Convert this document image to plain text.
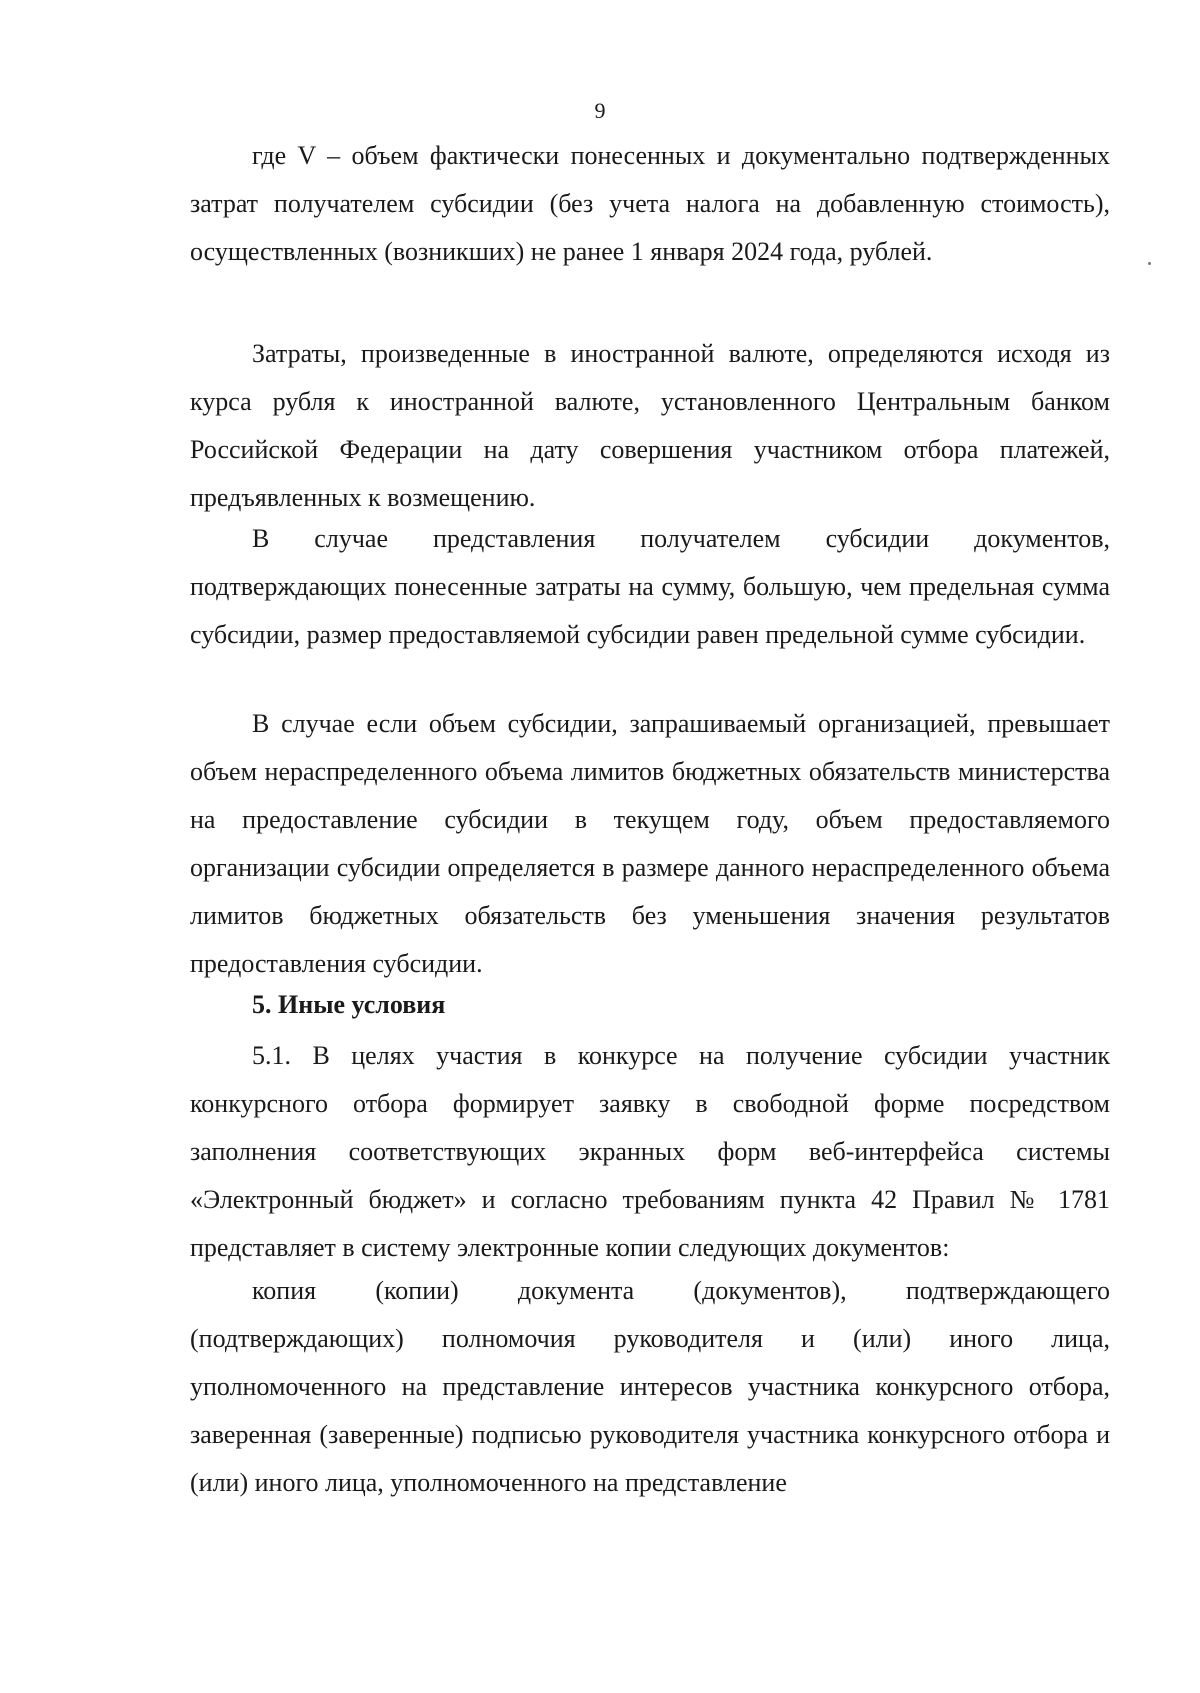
9

где V – объем фактически понесенных и документально подтвержденных затрат получателем субсидии (без учета налога на добавленную стоимость), осуществленных (возникших) не ранее 1 января 2024 года, рублей.

Затраты, произведенные в иностранной валюте, определяются исходя из курса рубля к иностранной валюте, установленного Центральным банком Российской Федерации на дату совершения участником отбора платежей, предъявленных к возмещению.

В случае представления получателем субсидии документов, подтверждающих понесенные затраты на сумму, большую, чем предельная сумма субсидии, размер предоставляемой субсидии равен предельной сумме субсидии.

В случае если объем субсидии, запрашиваемый организацией, превышает объем нераспределенного объема лимитов бюджетных обязательств министерства на предоставление субсидии в текущем году, объем предоставляемого организации субсидии определяется в размере данного нераспределенного объема лимитов бюджетных обязательств без уменьшения значения результатов предоставления субсидии.

5. Иные условия

5.1. В целях участия в конкурсе на получение субсидии участник конкурсного отбора формирует заявку в свободной форме посредством заполнения соответствующих экранных форм веб-интерфейса системы «Электронный бюджет» и согласно требованиям пункта 42 Правил № 1781 представляет в систему электронные копии следующих документов:

копия (копии) документа (документов), подтверждающего (подтверждающих) полномочия руководителя и (или) иного лица, уполномоченного на представление интересов участника конкурсного отбора, заверенная (заверенные) подписью руководителя участника конкурсного отбора и (или) иного лица, уполномоченного на представление
